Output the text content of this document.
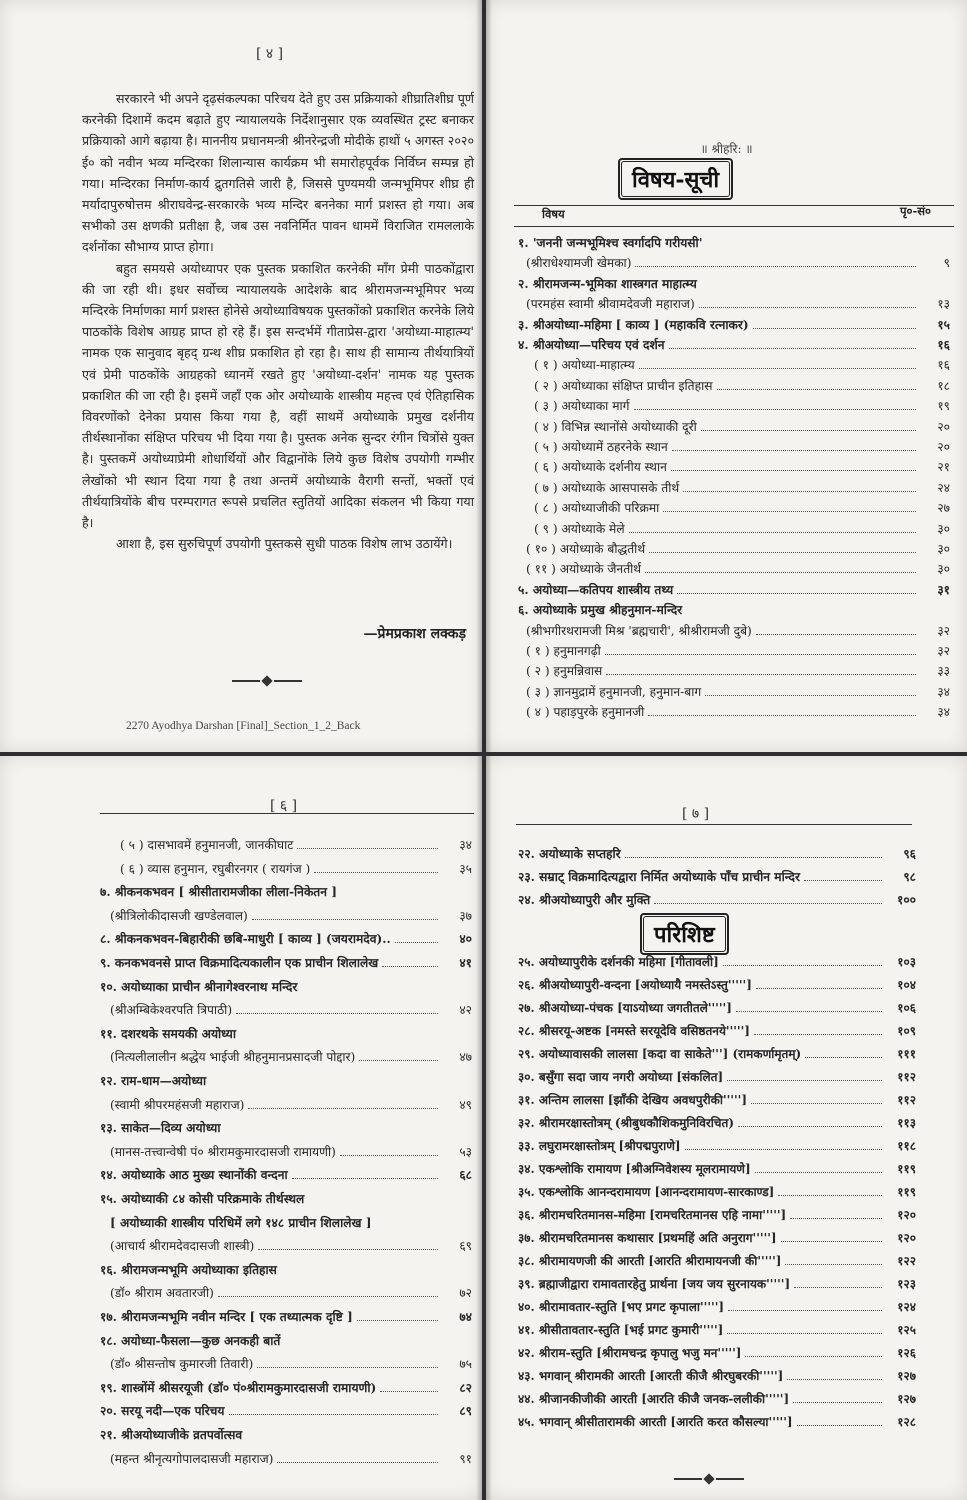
[ ४ ]

सरकारने भी अपने दृढ़संकल्पका परिचय देते हुए उस प्रक्रियाको शीघ्रातिशीघ्र पूर्ण करनेकी दिशामें कदम बढ़ाते हुए न्यायालयके निर्देशानुसार एक व्यवस्थित ट्रस्ट बनाकर प्रक्रियाको आगे बढ़ाया है। माननीय प्रधानमन्त्री श्रीनरेन्द्रजी मोदीके हाथों ५ अगस्त २०२० ई० को नवीन भव्य मन्दिरका शिलान्यास कार्यक्रम भी समारोहपूर्वक निर्विघ्न सम्पन्न हो गया। मन्दिरका निर्माण-कार्य द्रुतगतिसे जारी है, जिससे पुण्यमयी जन्मभूमिपर शीघ्र ही मर्यादापुरुषोत्तम श्रीराघवेन्द्र-सरकारके भव्य मन्दिर बननेका मार्ग प्रशस्त हो गया। अब सभीको उस क्षणकी प्रतीक्षा है, जब उस नवनिर्मित पावन धाममें विराजित रामललाके दर्शनोंका सौभाग्य प्राप्त होगा।

बहुत समयसे अयोध्यापर एक पुस्तक प्रकाशित करनेकी माँग प्रेमी पाठकोंद्वारा की जा रही थी। इधर सर्वोच्च न्यायालयके आदेशके बाद श्रीरामजन्मभूमिपर भव्य मन्दिरके निर्माणका मार्ग प्रशस्त होनेसे अयोध्याविषयक पुस्तकोंको प्रकाशित करनेके लिये पाठकोंके विशेष आग्रह प्राप्त हो रहे हैं। इस सन्दर्भमें गीताप्रेस-द्वारा 'अयोध्या-माहात्म्य' नामक एक सानुवाद बृहद् ग्रन्थ शीघ्र प्रकाशित हो रहा है। साथ ही सामान्य तीर्थयात्रियों एवं प्रेमी पाठकोंके आग्रहको ध्यानमें रखते हुए 'अयोध्या-दर्शन' नामक यह पुस्तक प्रकाशित की जा रही है। इसमें जहाँ एक ओर अयोध्याके शास्त्रीय महत्त्व एवं ऐतिहासिक विवरणोंको देनेका प्रयास किया गया है, वहीं साथमें अयोध्याके प्रमुख दर्शनीय तीर्थस्थानोंका संक्षिप्त परिचय भी दिया गया है। पुस्तक अनेक सुन्दर रंगीन चित्रोंसे युक्त है। पुस्तकमें अयोध्याप्रेमी शोधार्थियों और विद्वानोंके लिये कुछ विशेष उपयोगी गम्भीर लेखोंको भी स्थान दिया गया है तथा अन्तमें अयोध्याके वैरागी सन्तों, भक्तों एवं तीर्थयात्रियोंके बीच परम्परागत रूपसे प्रचलित स्तुतियों आदिका संकलन भी किया गया है।

आशा है, इस सुरुचिपूर्ण उपयोगी पुस्तकसे सुधी पाठक विशेष लाभ उठायेंगे।

—प्रेमप्रकाश लक्कड़
2270 Ayodhya Darshan [Final]_Section_1_2_Back
॥ श्रीहरि: ॥
विषय-सूची
विषय	पृ०-सं०
१. 'जननी जन्मभूमिश्च स्वर्गादपि गरीयसी'
(श्रीराधेश्यामजी खेमका)	९
२. श्रीरामजन्म-भूमिका शास्त्रगत माहात्म्य
(परमहंस स्वामी श्रीवामदेवजी महाराज)	१३
३. श्रीअयोध्या-महिमा [ काव्य ] (महाकवि रत्नाकर)	१५
४. श्रीअयोध्या—परिचय एवं दर्शन	१६
( १ ) अयोध्या-माहात्म्य	१६
( २ ) अयोध्याका संक्षिप्त प्राचीन इतिहास	१८
( ३ ) अयोध्याका मार्ग	१९
( ४ ) विभिन्न स्थानोंसे अयोध्याकी दूरी	२०
( ५ ) अयोध्यामें ठहरनेके स्थान	२०
( ६ ) अयोध्याके दर्शनीय स्थान	२१
( ७ ) अयोध्याके आसपासके तीर्थ	२४
( ८ ) अयोध्याजीकी परिक्रमा	२७
( ९ ) अयोध्याके मेले	३०
( १० ) अयोध्याके बौद्धतीर्थ	३०
( ११ ) अयोध्याके जैनतीर्थ	३०
५. अयोध्या—कतिपय शास्त्रीय तथ्य	३१
६. अयोध्याके प्रमुख श्रीहनुमान-मन्दिर
(श्रीभगीरथरामजी मिश्र 'ब्रह्मचारी', श्रीश्रीरामजी दुबे)	३२
( १ ) हनुमानगढ़ी	३२
( २ ) हनुमन्निवास	३३
( ३ ) ज्ञानमुद्रामें हनुमानजी, हनुमान-बाग	३४
( ४ ) पहाड़पुरके हनुमानजी	३४
[ ६ ]
( ५ ) दासभावमें हनुमानजी, जानकीघाट	३४
( ६ ) व्यास हनुमान, रघुबीरनगर ( रायगंज )	३५
७. श्रीकनकभवन [ श्रीसीतारामजीका लीला-निकेतन ]
(श्रीत्रिलोकीदासजी खण्डेलवाल)	३७
८. श्रीकनकभवन-बिहारीकी छबि-माधुरी [ काव्य ] (जयरामदेव)..	४०
९. कनकभवनसे प्राप्त विक्रमादित्यकालीन एक प्राचीन शिलालेख	४१
१०. अयोध्याका प्राचीन श्रीनागेश्वरनाथ मन्दिर
(श्रीअम्बिकेश्वरपति त्रिपाठी)	४२
११. दशरथके समयकी अयोध्या
(नित्यलीलालीन श्रद्धेय भाईजी श्रीहनुमानप्रसादजी पोद्दार)	४७
१२. राम-धाम—अयोध्या
(स्वामी श्रीपरमहंसजी महाराज)	४९
१३. साकेत—दिव्य अयोध्या
(मानस-तत्त्वान्वेषी पं० श्रीरामकुमारदासजी रामायणी)	५३
१४. अयोध्याके आठ मुख्य स्थानोंकी वन्दना	६८
१५. अयोध्याकी ८४ कोसी परिक्रमाके तीर्थस्थल
[ अयोध्याकी शास्त्रीय परिधिमें लगे १४८ प्राचीन शिलालेख ]
(आचार्य श्रीरामदेवदासजी शास्त्री)	६९
१६. श्रीरामजन्मभूमि अयोध्याका इतिहास
(डॉ० श्रीराम अवतारजी)	७२
१७. श्रीरामजन्मभूमि नवीन मन्दिर [ एक तथ्यात्मक दृष्टि ]	७४
१८. अयोध्या-फैसला—कुछ अनकही बातें
(डॉ० श्रीसन्तोष कुमारजी तिवारी)	७५
१९. शास्त्रोंमें श्रीसरयूजी (डॉ० पं०श्रीरामकुमारदासजी रामायणी)	८२
२०. सरयू नदी—एक परिचय	८९
२१. श्रीअयोध्याजीके व्रतपर्वोत्सव
(महन्त श्रीनृत्यगोपालदासजी महाराज)	९१
[ ७ ]
२२. अयोध्याके सप्तहरि	९६
२३. सम्राट् विक्रमादित्यद्वारा निर्मित अयोध्याके पाँच प्राचीन मन्दिर	९८
२४. श्रीअयोध्यापुरी और मुक्ति	१००
परिशिष्ट
२५. अयोध्यापुरीके दर्शनकी महिमा [गीतावली]	१०३
२६. श्रीअयोध्यापुरी-वन्दना [अयोध्यायै नमस्तेऽस्तु''''']	१०४
२७. श्रीअयोध्या-पंचक [याऽयोध्या जगतीतले''''']	१०६
२८. श्रीसरयू-अष्टक [नमस्ते सरयूदेवि वसिष्ठतनये''''']	१०९
२९. अयोध्यावासकी लालसा [कदा वा साकेते'''] (रामकर्णामृतम्)	१११
३०. बसुँगा सदा जाय नगरी अयोध्या [संकलित]	११२
३१. अन्तिम लालसा [झाँकी देखिय अवधपुरीकी''''']	११२
३२. श्रीरामरक्षास्तोत्रम् (श्रीबुधकौशिकमुनिविरचित)	११३
३३. लघुरामरक्षास्तोत्रम् [श्रीपद्मपुराणे]	११८
३४. एकश्लोकि रामायण [श्रीअग्निवेशस्य मूलरामायणे]	११९
३५. एकश्लोकि आनन्दरामायण [आनन्दरामायण-सारकाण्ड]	११९
३६. श्रीरामचरितमानस-महिमा [रामचरितमानस एहि नामा''''']	१२०
३७. श्रीरामचरितमानस कथासार [प्रथमहिं अति अनुराग''''']	१२०
३८. श्रीरामायणजी की आरती [आरति श्रीरामायनजी की''''']	१२२
३९. ब्रह्माजीद्वारा रामावतारहेतु प्रार्थना [जय जय सुरनायक''''']	१२३
४०. श्रीरामावतार-स्तुति [भए प्रगट कृपाला''''']	१२४
४१. श्रीसीतावतार-स्तुति [भई प्रगट कुमारी''''']	१२५
४२. श्रीराम-स्तुति [श्रीरामचन्द्र कृपालु भजु मन''''']	१२६
४३. भगवान् श्रीरामकी आरती [आरती कीजै श्रीरघुबरकी''''']	१२७
४४. श्रीजानकीजीकी आरती [आरति कीजै जनक-ललीकी''''']	१२७
४५. भगवान् श्रीसीतारामकी आरती [आरति करत कौसल्या''''']	१२८
